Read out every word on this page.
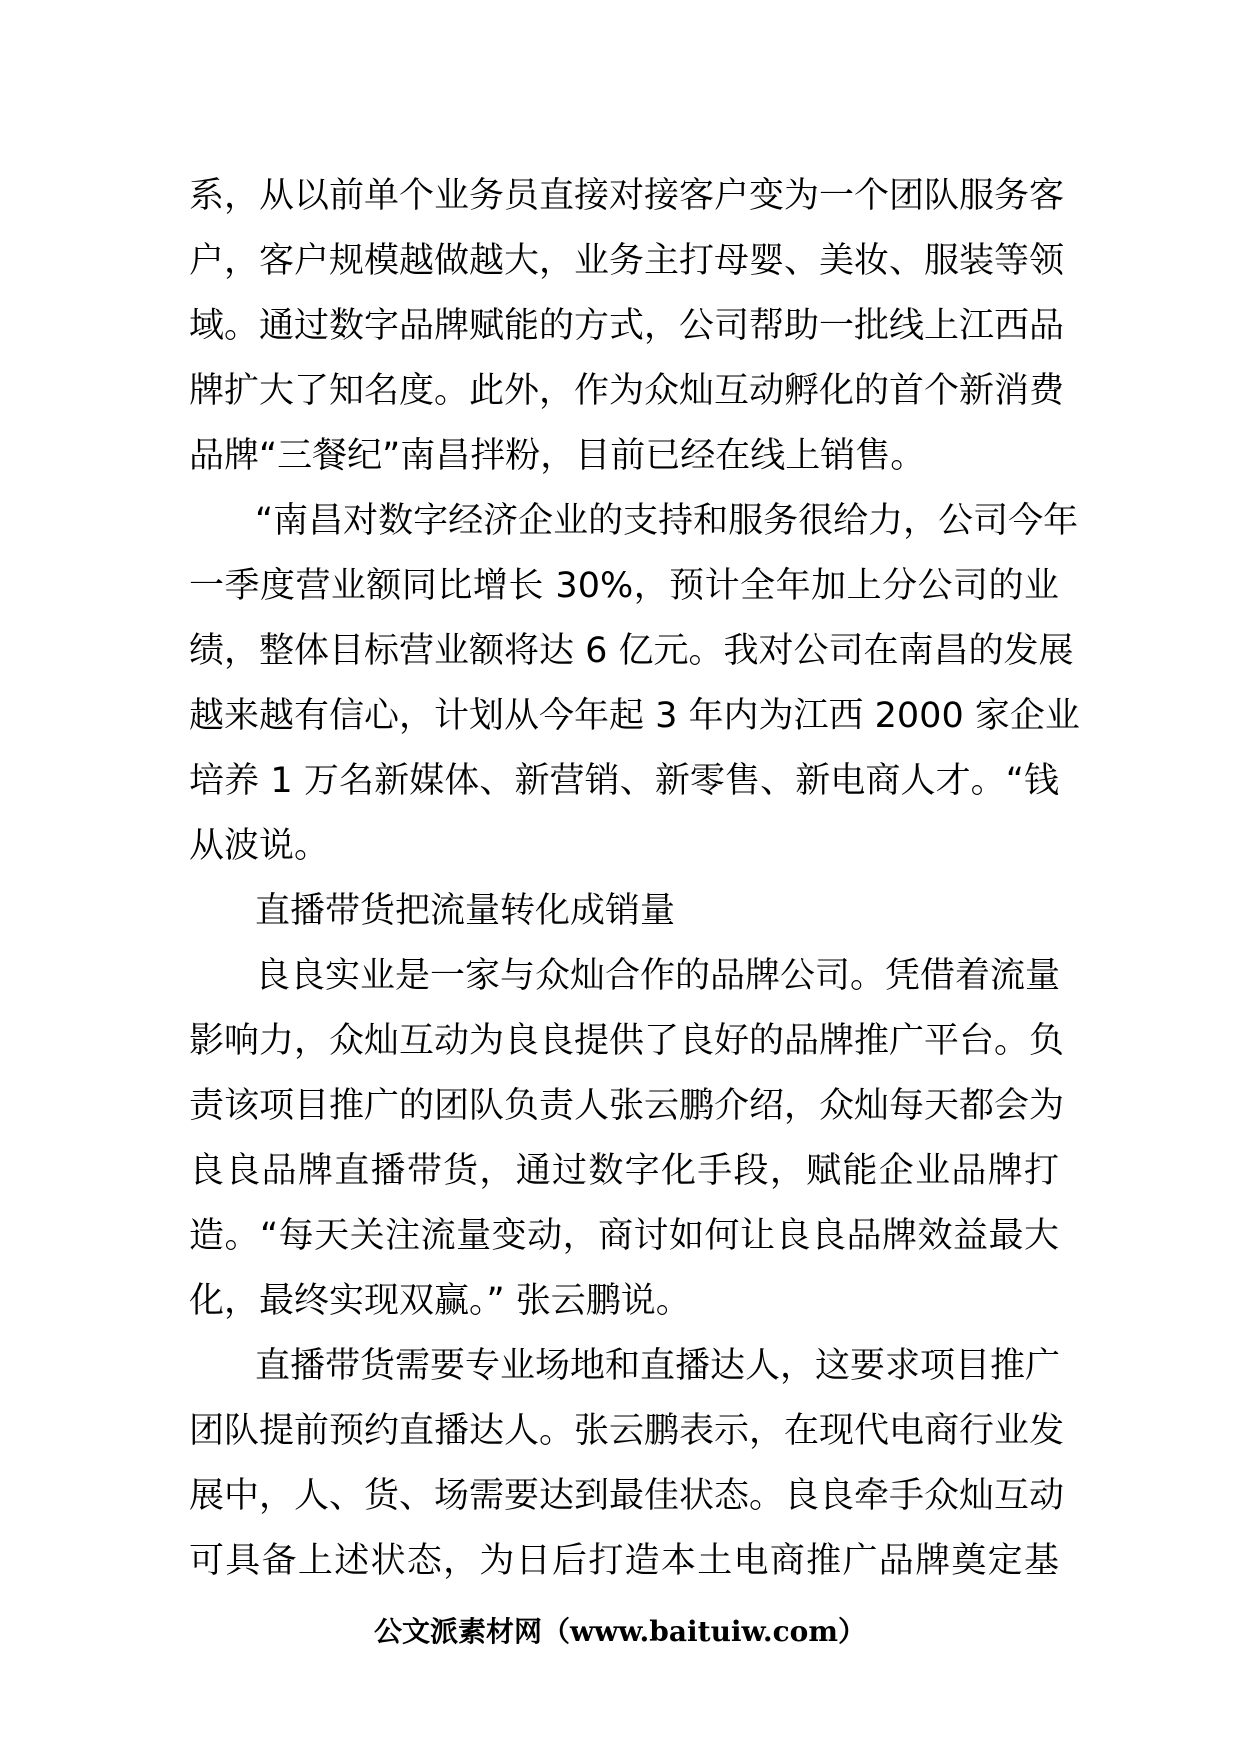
系，从以前单个业务员直接对接客户变为一个团队服务客
户，客户规模越做越大，业务主打母婴、美妆、服装等领
域。通过数字品牌赋能的方式，公司帮助一批线上江西品
牌扩大了知名度。此外，作为众灿互动孵化的首个新消费
品牌“三餐纪”南昌拌粉，目前已经在线上销售。
“南昌对数字经济企业的支持和服务很给力，公司今年
一季度营业额同比增长 30%，预计全年加上分公司的业
绩，整体目标营业额将达 6 亿元。我对公司在南昌的发展
越来越有信心，计划从今年起 3 年内为江西 2000 家企业
培养 1 万名新媒体、新营销、新零售、新电商人才。“钱
从波说。
直播带货把流量转化成销量
良良实业是一家与众灿合作的品牌公司。凭借着流量
影响力，众灿互动为良良提供了良好的品牌推广平台。负
责该项目推广的团队负责人张云鹏介绍，众灿每天都会为
良良品牌直播带货，通过数字化手段，赋能企业品牌打
造。“每天关注流量变动，商讨如何让良良品牌效益最大
化，最终实现双赢。” 张云鹏说。
直播带货需要专业场地和直播达人，这要求项目推广
团队提前预约直播达人。张云鹏表示，在现代电商行业发
展中，人、货、场需要达到最佳状态。良良牵手众灿互动
可具备上述状态，为日后打造本土电商推广品牌奠定基
公文派素材网（www.baituiw.com）
